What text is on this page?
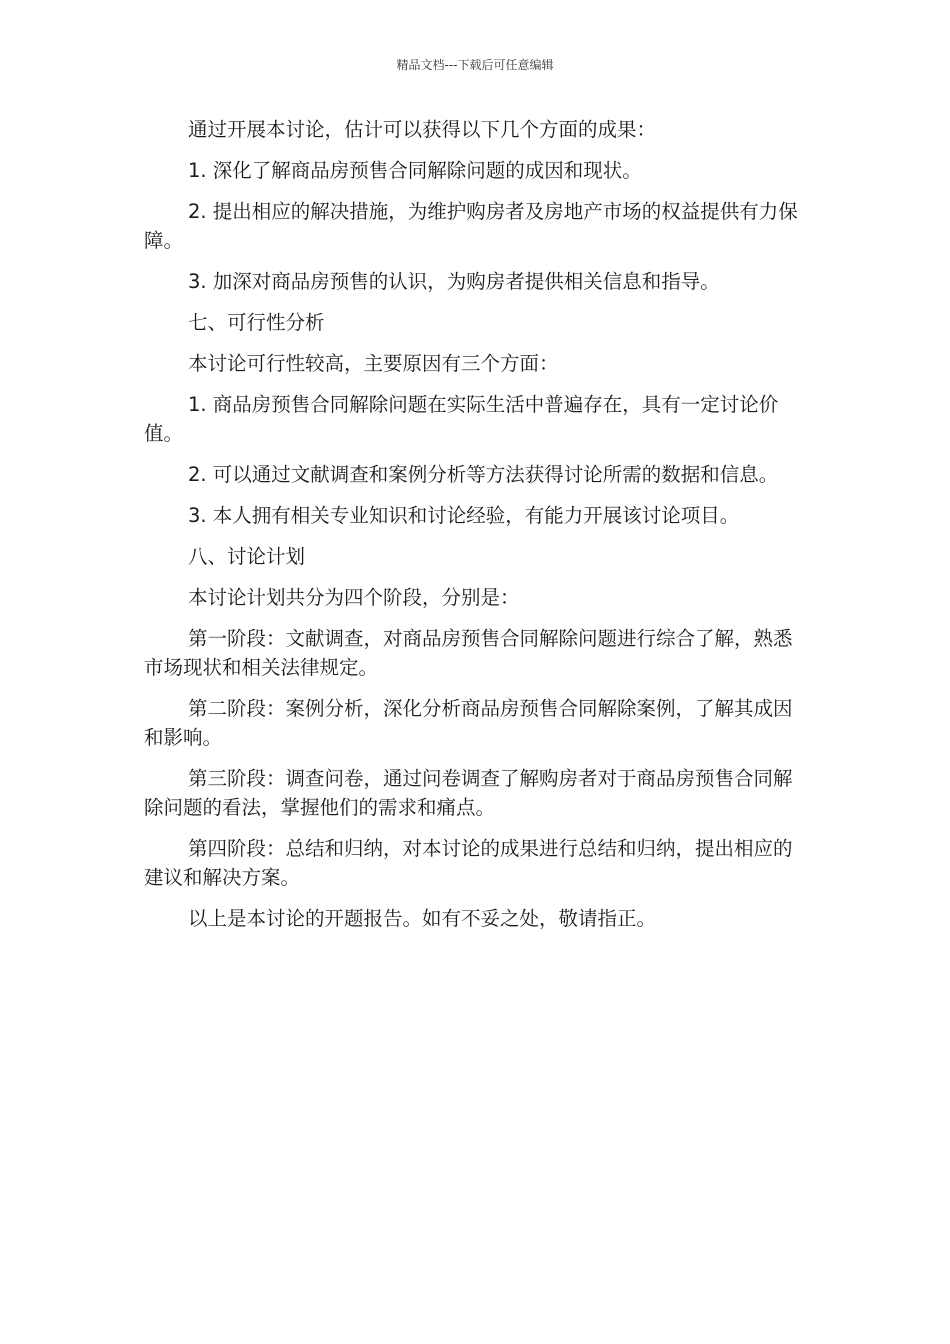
精品文档---下载后可任意编辑

通过开展本讨论，估计可以获得以下几个方面的成果：

1. 深化了解商品房预售合同解除问题的成因和现状。

2. 提出相应的解决措施，为维护购房者及房地产市场的权益提供有力保障。

3. 加深对商品房预售的认识，为购房者提供相关信息和指导。

七、可行性分析

本讨论可行性较高，主要原因有三个方面：

1. 商品房预售合同解除问题在实际生活中普遍存在，具有一定讨论价值。

2. 可以通过文献调查和案例分析等方法获得讨论所需的数据和信息。

3. 本人拥有相关专业知识和讨论经验，有能力开展该讨论项目。

八、讨论计划

本讨论计划共分为四个阶段，分别是：

第一阶段：文献调查，对商品房预售合同解除问题进行综合了解，熟悉市场现状和相关法律规定。

第二阶段：案例分析，深化分析商品房预售合同解除案例，了解其成因和影响。

第三阶段：调查问卷，通过问卷调查了解购房者对于商品房预售合同解除问题的看法，掌握他们的需求和痛点。

第四阶段：总结和归纳，对本讨论的成果进行总结和归纳，提出相应的建议和解决方案。

以上是本讨论的开题报告。如有不妥之处，敬请指正。
